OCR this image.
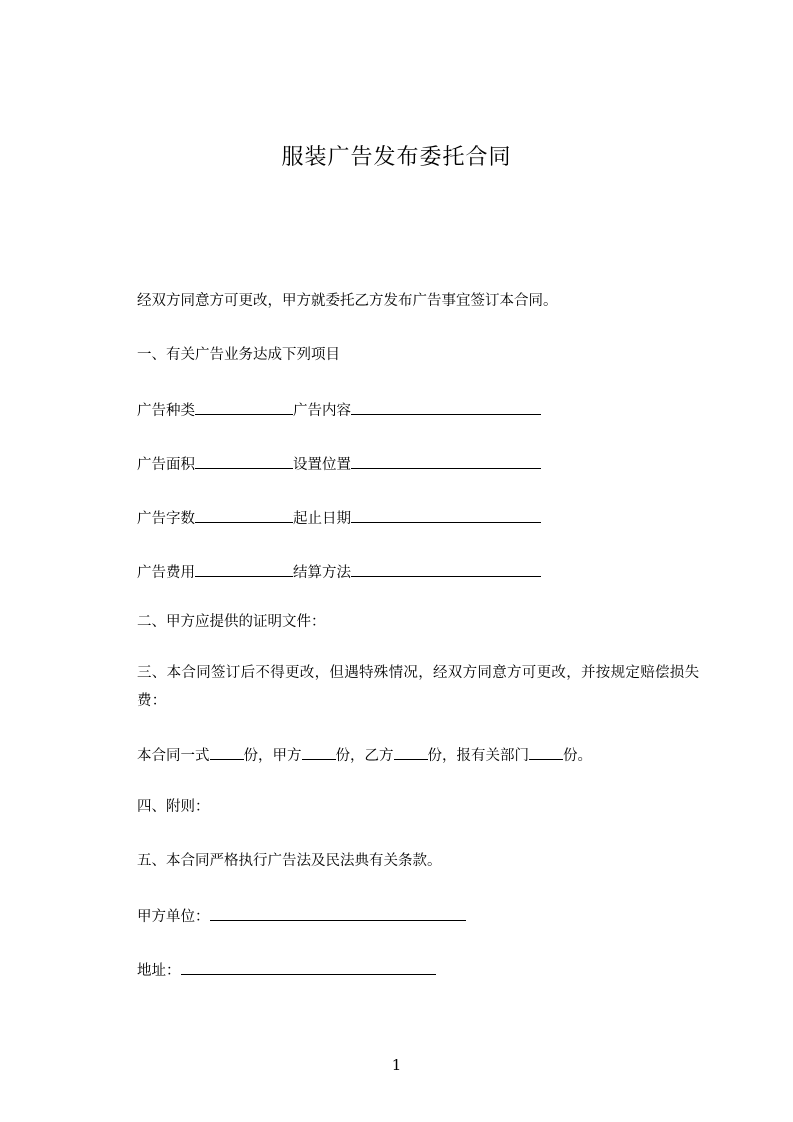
服装广告发布委托合同
经双方同意方可更改，甲方就委托乙方发布广告事宜签订本合同。
一、有关广告业务达成下列项目
广告种类	广告内容
广告面积	设置位置
广告字数	起止日期
广告费用	结算方法
二、甲方应提供的证明文件：
三、本合同签订后不得更改，但遇特殊情况，经双方同意方可更改，并按规定赔偿损失费：
本合同一式 份，甲方 份，乙方 份，报有关部门 份。
四、附则：
五、本合同严格执行广告法及民法典有关条款。
甲方单位：
地址：
1
